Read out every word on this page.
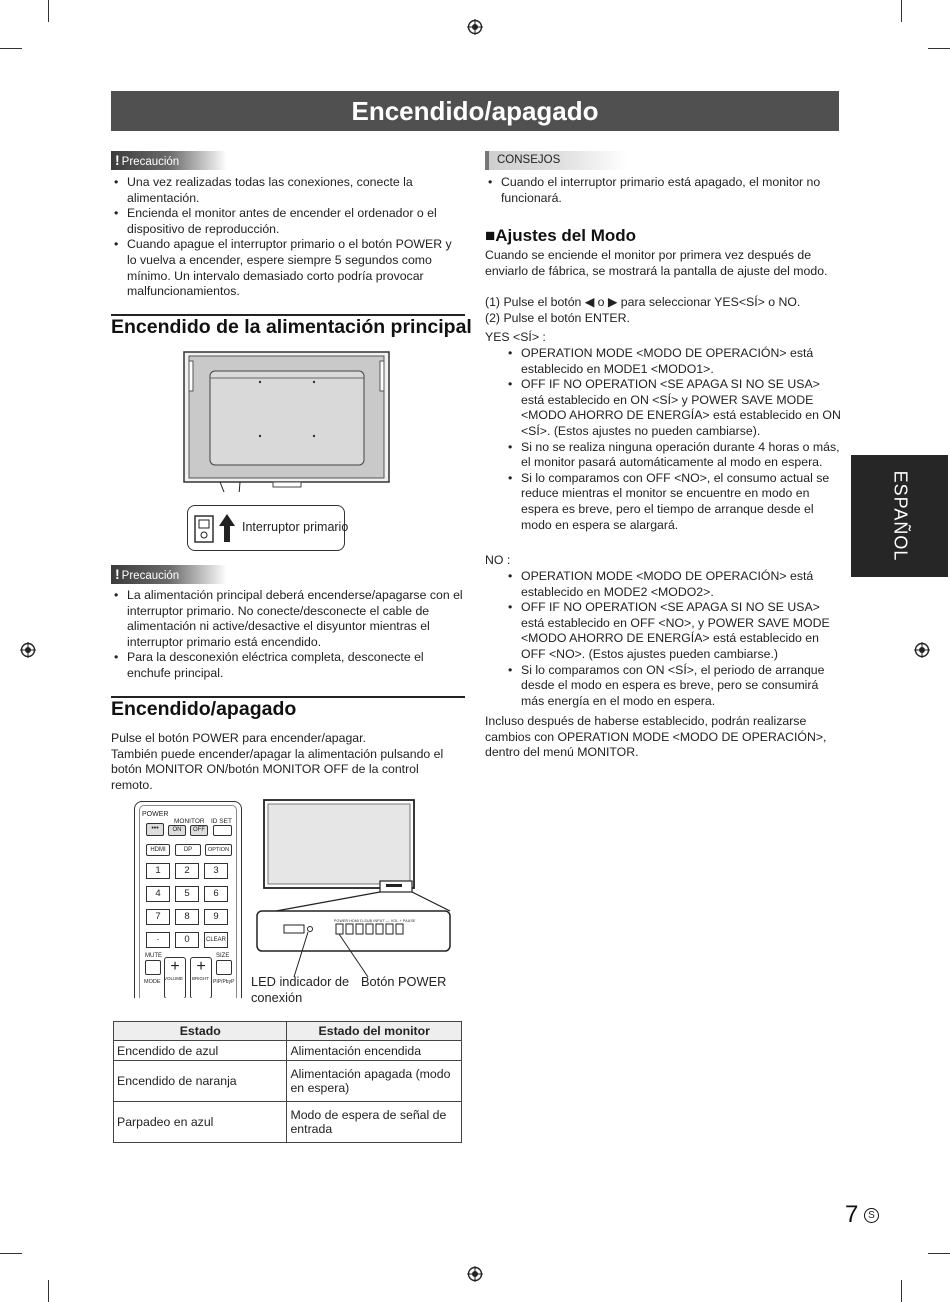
Encendido/apagado
! Precaución
• Una vez realizadas todas las conexiones, conecte la alimentación.
• Encienda el monitor antes de encender el ordenador o el dispositivo de reproducción.
• Cuando apague el interruptor primario o el botón POWER y lo vuelva a encender, espere siempre 5 segundos como mínimo. Un intervalo demasiado corto podría provocar malfuncionamientos.
Encendido de la alimentación principal
Interruptor primario
! Precaución
• La alimentación principal deberá encenderse/apagarse con el interruptor primario. No conecte/desconecte el cable de alimentación ni active/desactive el disyuntor mientras el interruptor primario está encendido.
• Para la desconexión eléctrica completa, desconecte el enchufe principal.
Encendido/apagado
Pulse el botón POWER para encender/apagar.
También puede encender/apagar la alimentación pulsando el botón MONITOR ON/botón MONITOR OFF de la control remoto.
POWER
•••
MONITOR
ON	OFF
ID SET
HDMI	DP	OPTION
1	2	3
4	5	6
7	8	9
·	0	CLEAR
MUTE	SIZE
+	+
MODE
VOLUME BRIGHT
PIP/PbyP
POWER HDMI D-SUB INPUT — VOL + PAUSE
LED indicador de
conexión
Botón POWER
Estado	Estado del monitor
Encendido de azul	Alimentación encendida
Encendido de naranja	Alimentación apagada (modo en espera)
Parpadeo en azul	Modo de espera de señal de entrada
CONSEJOS
• Cuando el interruptor primario está apagado, el monitor no funcionará.
■Ajustes del Modo
Cuando se enciende el monitor por primera vez después de enviarlo de fábrica, se mostrará la pantalla de ajuste del modo.
(1) Pulse el botón ◀ o ▶ para seleccionar YES<SÍ> o NO.
(2) Pulse el botón ENTER.
YES <SÍ> :
• OPERATION MODE <MODO DE OPERACIÓN> está establecido en MODE1 <MODO1>.
• OFF IF NO OPERATION <SE APAGA SI NO SE USA> está establecido en ON <SÍ> y POWER SAVE MODE <MODO AHORRO DE ENERGÍA> está establecido en ON <SÍ>. (Estos ajustes no pueden cambiarse).
• Si no se realiza ninguna operación durante 4 horas o más, el monitor pasará automáticamente al modo en espera.
• Si lo comparamos con OFF <NO>, el consumo actual se reduce mientras el monitor se encuentre en modo en espera es breve, pero el tiempo de arranque desde el modo en espera se alargará.
NO :
• OPERATION MODE <MODO DE OPERACIÓN> está establecido en MODE2 <MODO2>.
• OFF IF NO OPERATION <SE APAGA SI NO SE USA> está establecido en OFF <NO>, y POWER SAVE MODE <MODO AHORRO DE ENERGÍA> está establecido en OFF <NO>. (Estos ajustes pueden cambiarse.)
• Si lo comparamos con ON <SÍ>, el periodo de arranque desde el modo en espera es breve, pero se consumirá más energía en el modo en espera.
Incluso después de haberse establecido, podrán realizarse cambios con OPERATION MODE <MODO DE OPERACIÓN>, dentro del menú MONITOR.
ESPAÑOL
7 S
